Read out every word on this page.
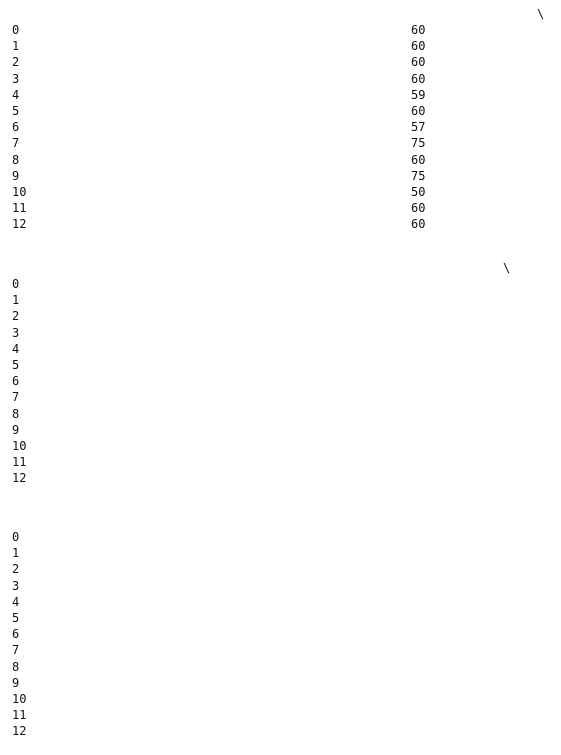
\
0	60
1	60
2	60
3	60
4	59
5	60
6	57
7	75
8	60
9	75
10	50
11	60
12	60
\
0
1
2
3
4
5
6
7
8
9
10
11
12
0
1
2
3
4
5
6
7
8
9
10
11
12
